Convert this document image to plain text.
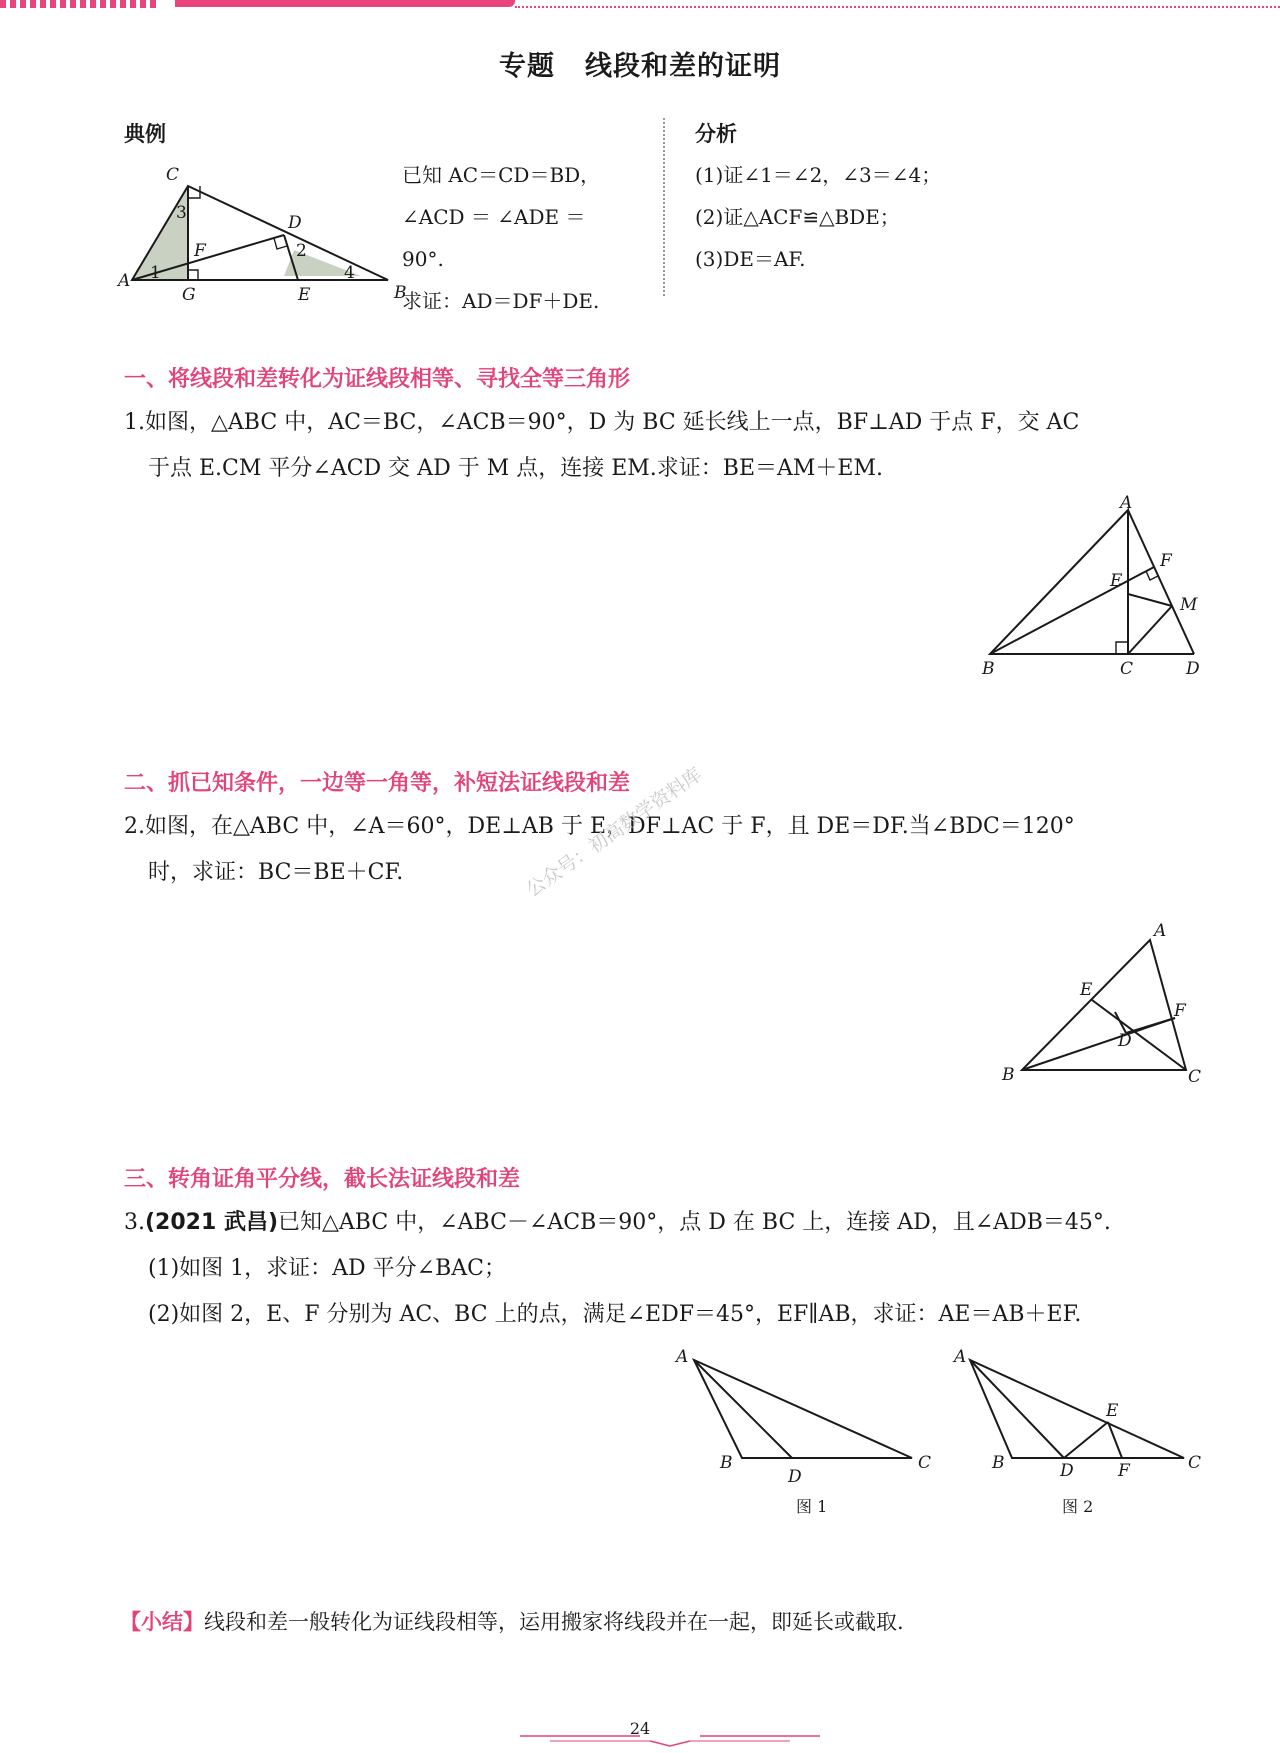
专题 线段和差的证明
典例
C
A
B
D
E
F
G
1
2
3
4
已知 AC＝CD＝BD，
∠ACD ＝ ∠ADE ＝
90°.
求证：AD＝DF＋DE.
分析
(1)证∠1＝∠2，∠3＝∠4；
(2)证△ACF≌△BDE；
(3)DE＝AF.
一、将线段和差转化为证线段相等、寻找全等三角形
1.如图，△ABC 中，AC＝BC，∠ACB＝90°，D 为 BC 延长线上一点，BF⊥AD 于点 F，交 AC
于点 E.CM 平分∠ACD 交 AD 于 M 点，连接 EM.求证：BE＝AM＋EM.
A
B	C	D
E
F
M
二、抓已知条件，一边等一角等，补短法证线段和差
2.如图，在△ABC 中，∠A＝60°，DE⊥AB 于 E，DF⊥AC 于 F，且 DE＝DF.当∠BDC＝120°
时，求证：BC＝BE＋CF.	公众号：初高数学资料库
A
B	C
D
E
F
三、转角证角平分线，截长法证线段和差
3.(2021 武昌)已知△ABC 中，∠ABC－∠ACB＝90°，点 D 在 BC 上，连接 AD，且∠ADB＝45°.
(1)如图 1，求证：AD 平分∠BAC；
(2)如图 2，E、F 分别为 AC、BC 上的点，满足∠EDF＝45°，EF∥AB，求证：AE＝AB＋EF.
A
B	C
D
图 1
A
B	C
D
E
F
图 2
【小结】线段和差一般转化为证线段相等，运用搬家将线段并在一起，即延长或截取.
24
